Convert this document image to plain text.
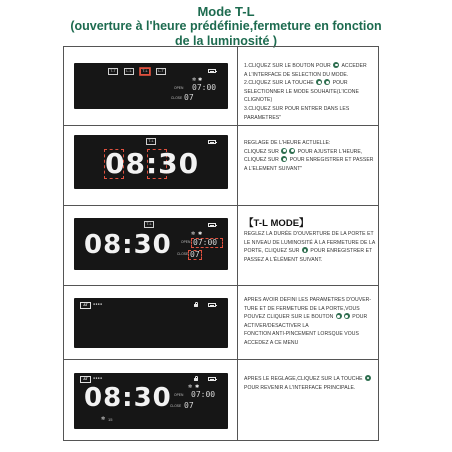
Mode T-L
(ouverture à l'heure prédéfinie,fermeture en fonction
de la luminosité )
T-T	L-L	T-L	L-T
✲ ✱
OPEN 07:00
CLOSE 07

1.CLIQUEZ SUR LE BOUTON POUR ACCEDER

A L'INTERFACE DE SELECTION DU MODE.

2.CLIQUEZ SUR LA TOUCHE	POUR

SELECTIONNER LE MODE SOUHAITE(L'ICONE

CLIGNOTE)

3.CLIQUEZ SUR POUR ENTRER DANS LES

PARAMETRES"

T-L
08:30

REGLAGE DE L'HEURE ACTUELLE:

CLIQUEZ SUR	POUR AJUSTER L'HEURE,

CLIQUEZ SUR POUR ENREGISTRER ET PASSER

A L'ELEMENT SUIVANT"

T-L
08:30	✲ ✱
OPEN 07:00
CLOSE 07

【T-L MODE】

REGLEZ LA DURÉE D'OUVERTURE DE LA PORTE ET

LE NIVEAU DE LUMINOSITÉ À LA FERMETURE DE LA

PORTE, CLIQUEZ SUR POUR ENREGISTRER ET

PASSEZ A L'ÉLÉMENT SUIVANT.

AT	●●●●

APRES AVOIR DEFINI LES PARAMETRES D'OUVER-

TURE ET DE FERMETURE DE LA PORTE,VOUS

POUVEZ CLIQUER SUR LE BOUTON	POUR

ACTIVER/DESACTIVER LA

FONCTION ANTI-PINCEMENT LORSQUE VOUS

ACCEDEZ A CE MENU

AT	●●●●
08:30	✲ ✱
OPEN 07:00
CLOSE 07
✲ 15

APRES LE REGLAGE,CLIQUEZ SUR LA TOUCHE

POUR REVENIR A L'INTERFACE PRINCIPALE.
